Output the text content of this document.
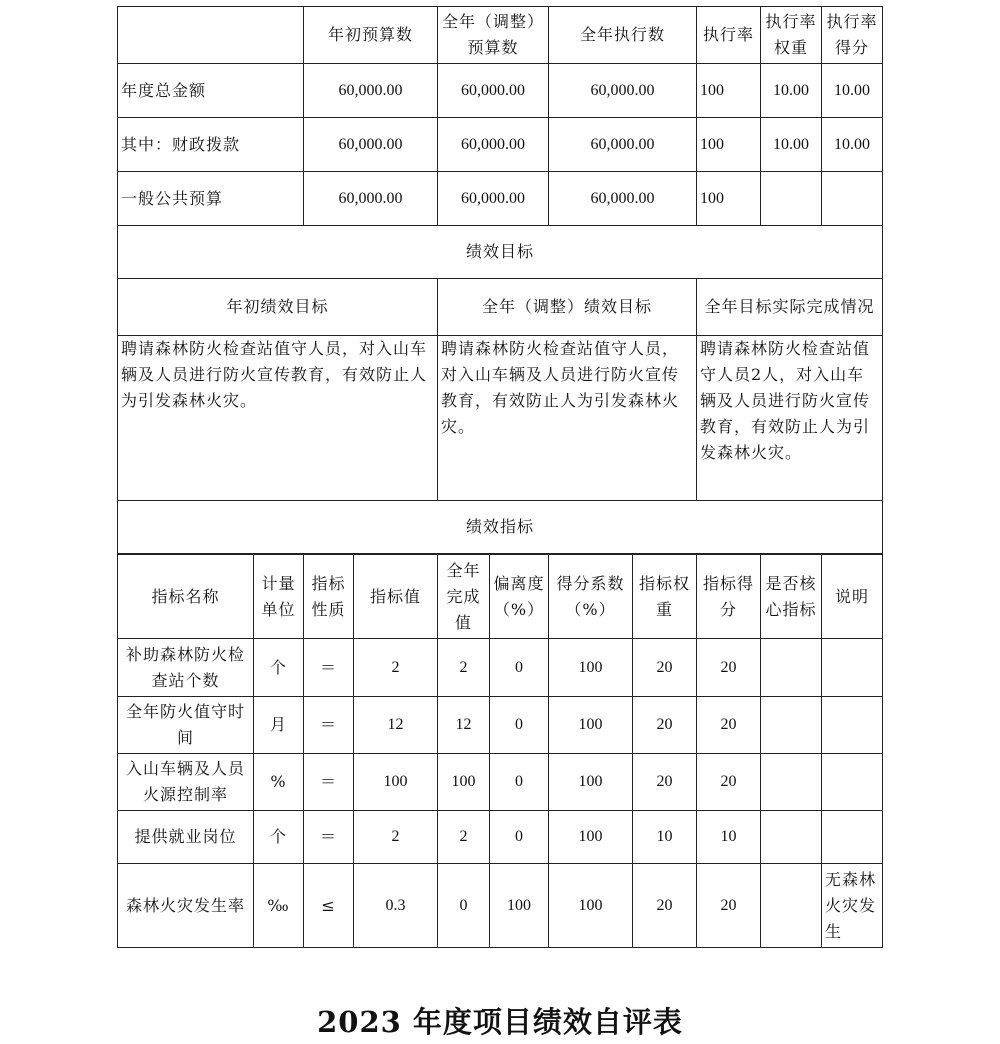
	年初预算数	全年（调整）预算数	全年执行数	执行率	执行率权重	执行率得分
年度总金额	60,000.00	60,000.00	60,000.00	100	10.00	10.00
其中：财政拨款	60,000.00	60,000.00	60,000.00	100	10.00	10.00
一般公共预算	60,000.00	60,000.00	60,000.00	100		
绩效目标						
年初绩效目标		全年（调整）绩效目标		全年目标实际完成情况		
聘请森林防火检查站值守人员，对入山车辆及人员进行防火宣传教育，有效防止人为引发森林火灾。		聘请森林防火检查站值守人员，对入山车辆及人员进行防火宣传教育，有效防止人为引发森林火灾。		聘请森林防火检查站值守人员2人，对入山车辆及人员进行防火宣传教育，有效防止人为引发森林火灾。		
绩效指标						
指标名称	计量单位	指标性质	指标值	全年完成值	偏离度（%）	得分系数（%）	指标权重	指标得分	是否核心指标	说明
补助森林防火检查站个数	个	＝	2	2	0	100	20	20		
全年防火值守时间	月	＝	12	12	0	100	20	20		
入山车辆及人员火源控制率	%	＝	100	100	0	100	20	20		
提供就业岗位	个	＝	2	2	0	100	10	10		
森林火灾发生率	‰	≤	0.3	0	100	100	20	20		无森林火灾发生
2023 年度项目绩效自评表
